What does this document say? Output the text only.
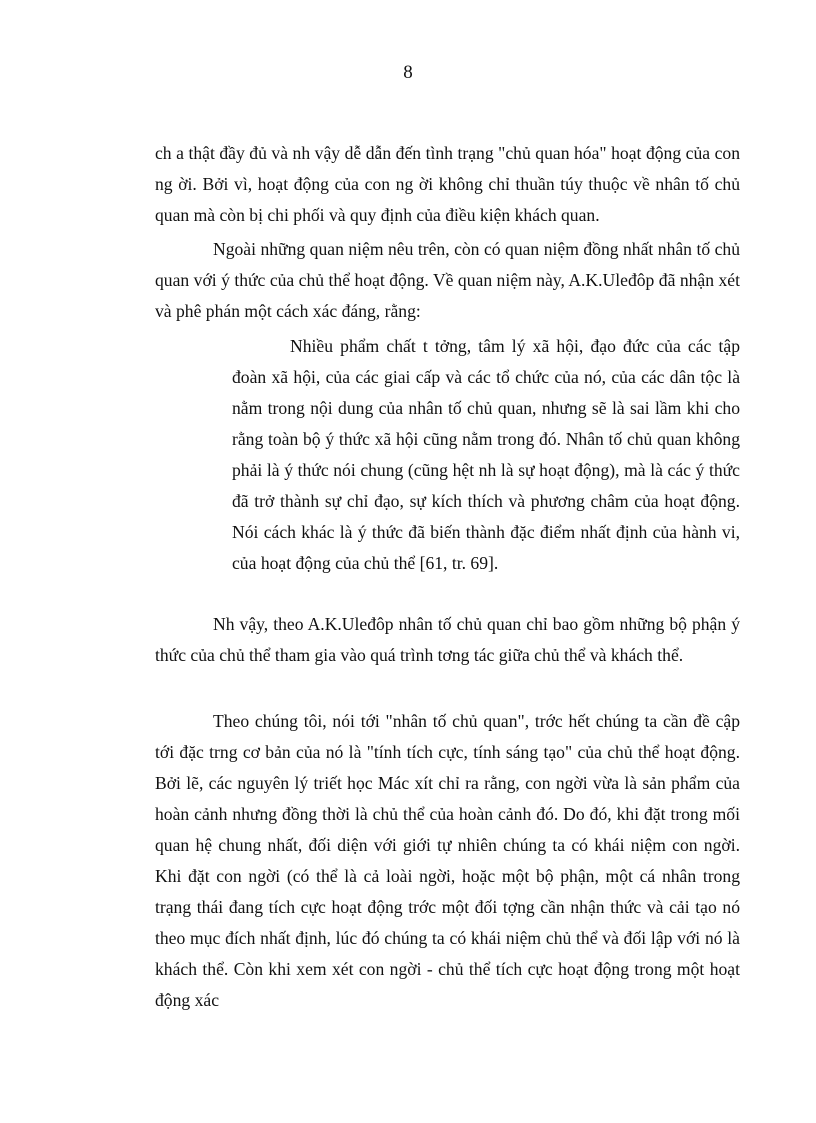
8

ch a thật đầy đủ và nh vậy dễ dẫn đến tình trạng "chủ quan hóa" hoạt động của con ng ời. Bởi vì, hoạt động của con ng ời không chỉ thuần túy thuộc về nhân tố chủ quan mà còn bị chi phối và quy định của điều kiện khách quan.

Ngoài những quan niệm nêu trên, còn có quan niệm đồng nhất nhân tố chủ quan với ý thức của chủ thể hoạt động. Về quan niệm này, A.K.Uleđôp đã nhận xét và phê phán một cách xác đáng, rằng:

Nhiều phẩm chất t tởng, tâm lý xã hội, đạo đức của các tập đoàn xã hội, của các giai cấp và các tổ chức của nó, của các dân tộc là nằm trong nội dung của nhân tố chủ quan, nhưng sẽ là sai lầm khi cho rằng toàn bộ ý thức xã hội cũng nằm trong đó. Nhân tố chủ quan không phải là ý thức nói chung (cũng hệt nh là sự hoạt động), mà là các ý thức đã trở thành sự chỉ đạo, sự kích thích và phương châm của hoạt động. Nói cách khác là ý thức đã biến thành đặc điểm nhất định của hành vi, của hoạt động của chủ thể [61, tr. 69].

Nh vậy, theo A.K.Uleđôp nhân tố chủ quan chỉ bao gồm những bộ phận ý thức của chủ thể tham gia vào quá trình tơng tác giữa chủ thể và khách thể.

Theo chúng tôi, nói tới "nhân tố chủ quan", trớc hết chúng ta cần đề cập tới đặc trng cơ bản của nó là "tính tích cực, tính sáng tạo" của chủ thể hoạt động. Bởi lẽ, các nguyên lý triết học Mác xít chỉ ra rằng, con ngời vừa là sản phẩm của hoàn cảnh nhưng đồng thời là chủ thể của hoàn cảnh đó. Do đó, khi đặt trong mối quan hệ chung nhất, đối diện với giới tự nhiên chúng ta có khái niệm con ngời. Khi đặt con ngời (có thể là cả loài ngời, hoặc một bộ phận, một cá nhân trong trạng thái đang tích cực hoạt động trớc một đối tợng cần nhận thức và cải tạo nó theo mục đích nhất định, lúc đó chúng ta có khái niệm chủ thể và đối lập với nó là khách thể. Còn khi xem xét con ngời - chủ thể tích cực hoạt động trong một hoạt động xác
